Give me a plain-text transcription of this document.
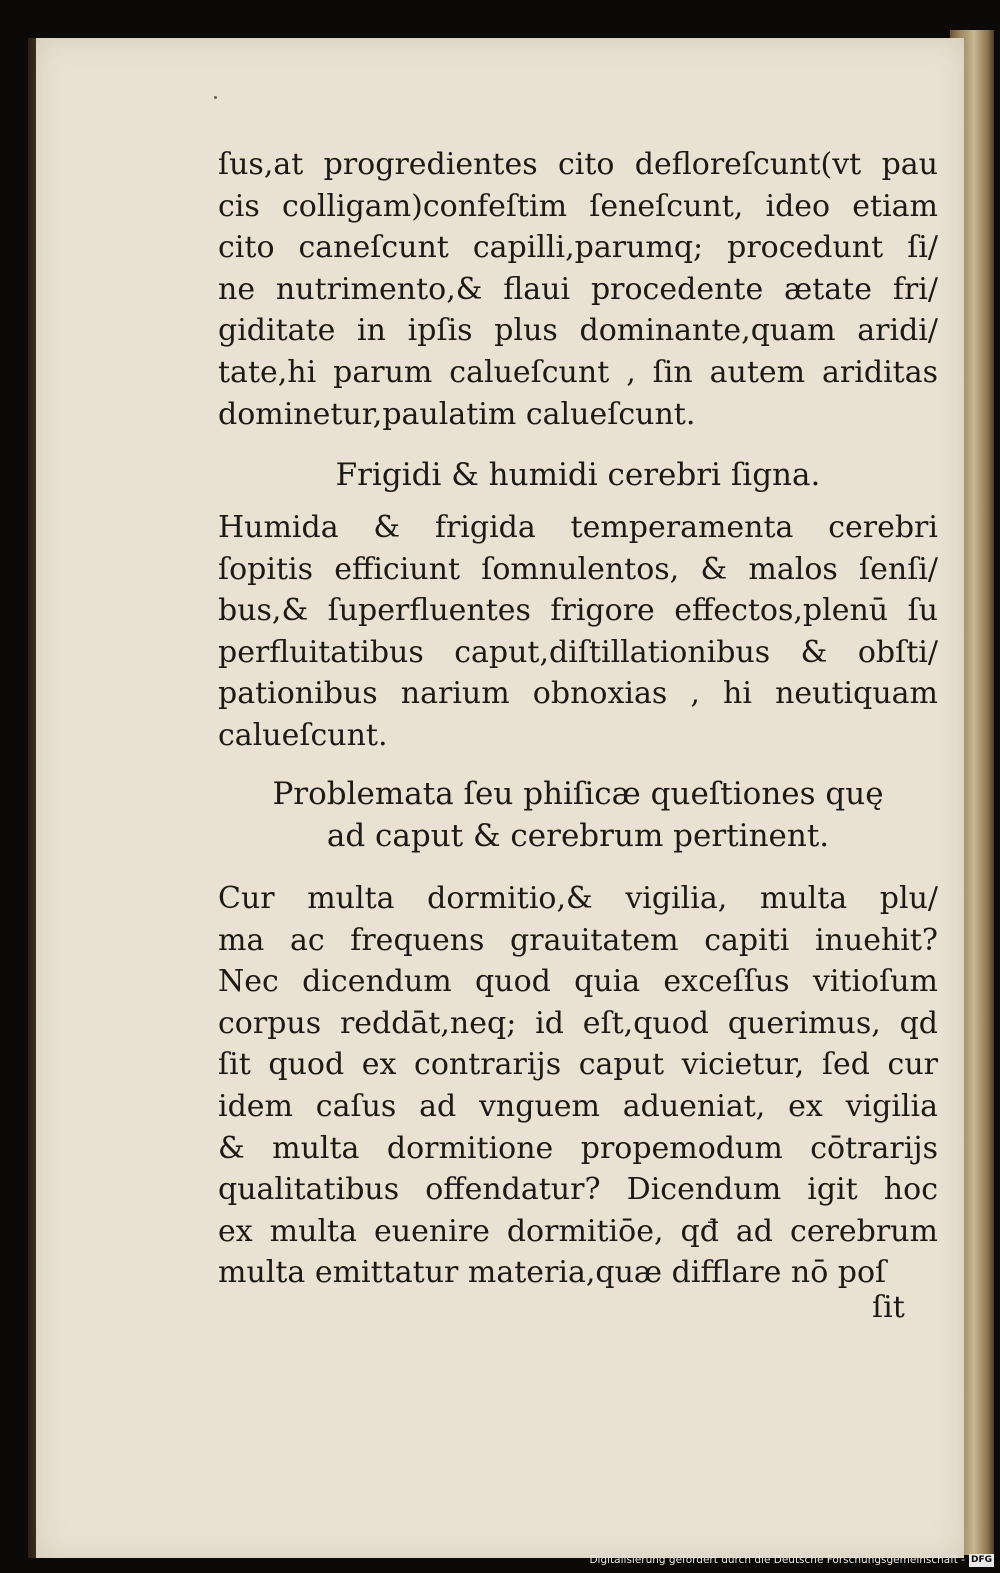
ſus,at progredientes cito defloreſcunt(vt pau
cis colligam)confeſtim ſeneſcunt, ideo etiam
cito caneſcunt capilli,parumq; procedunt ſi/
ne nutrimento,& flaui procedente ætate fri/
giditate in ipſis plus dominante,quam aridi/
tate,hi parum calueſcunt , ſin autem ariditas
dominetur,paulatim calueſcunt.
Frigidi & humidi cerebri ſigna.
Humida & frigida temperamenta cerebri
ſopitis efficiunt ſomnulentos, & malos ſenſi/
bus,& ſuperfluentes frigore effectos,plenū ſu
perfluitatibus caput,diſtillationibus & obſti/
pationibus narium obnoxias , hi neutiquam
calueſcunt.
Problemata ſeu phiſicæ queſtiones quę
ad caput & cerebrum pertinent.
Cur multa dormitio,& vigilia, multa plu/
ma ac frequens grauitatem capiti inuehit?
Nec dicendum quod quia exceſſus vitioſum
corpus reddāt,neq; id eſt,quod querimus, qd
ſit quod ex contrarijs caput vicietur, ſed cur
idem caſus ad vnguem adueniat, ex vigilia
& multa dormitione propemodum cōtrarijs
qualitatibus offendatur? Dicendum igit hoc
ex multa euenire dormitiōe, qđ ad cerebrum
multa emittatur materia,quæ difflare nō poſ
ſit
Digitalisierung gefördert durch die Deutsche Forschungsgemeinschaft - DFG
